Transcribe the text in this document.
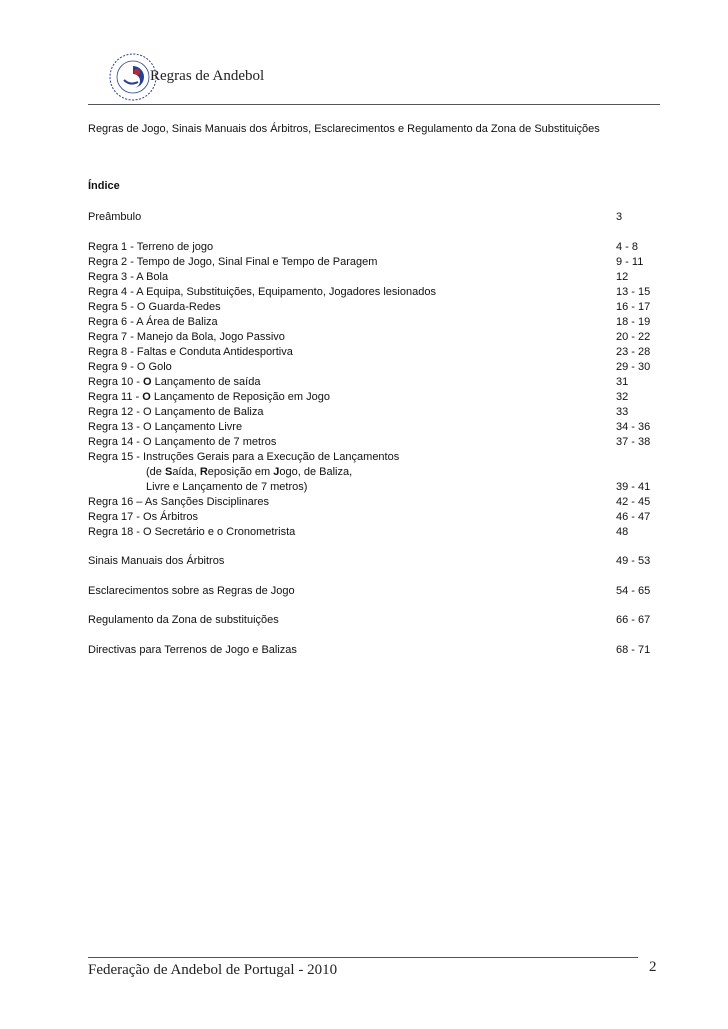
Regras de Andebol
Regras de Jogo, Sinais Manuais dos Árbitros, Esclarecimentos e Regulamento da Zona de Substituições
Índice
Preâmbulo	3
Regra 1 - Terreno de jogo	4 - 8
Regra 2 - Tempo de Jogo, Sinal Final e Tempo de Paragem	9 - 11
Regra 3 - A Bola	12
Regra 4 - A Equipa, Substituições, Equipamento, Jogadores lesionados	13 - 15
Regra 5 - O Guarda-Redes	16 - 17
Regra 6 - A Área de Baliza	18 - 19
Regra 7 - Manejo da Bola, Jogo Passivo	20 - 22
Regra 8 - Faltas e Conduta Antidesportiva	23 - 28
Regra 9 - O Golo	29 - 30
Regra 10 - O Lançamento de saída	31
Regra 11 - O Lançamento de Reposição em Jogo	32
Regra 12 - O Lançamento de Baliza	33
Regra 13 - O Lançamento Livre	34 - 36
Regra 14 - O Lançamento de 7 metros	37 - 38
Regra 15 - Instruções Gerais para a Execução de Lançamentos
(de Saída, Reposição em Jogo, de Baliza,
Livre e Lançamento de 7 metros)	39 - 41
Regra 16 – As Sanções Disciplinares	42 - 45
Regra 17 - Os Árbitros	46 - 47
Regra 18 - O Secretário e o Cronometrista	48
Sinais Manuais dos Árbitros	49 - 53
Esclarecimentos sobre as Regras de Jogo	54 - 65
Regulamento da Zona de substituições	66 - 67
Directivas para Terrenos de Jogo e Balizas	68 - 71
Federação de Andebol de Portugal - 2010	2
